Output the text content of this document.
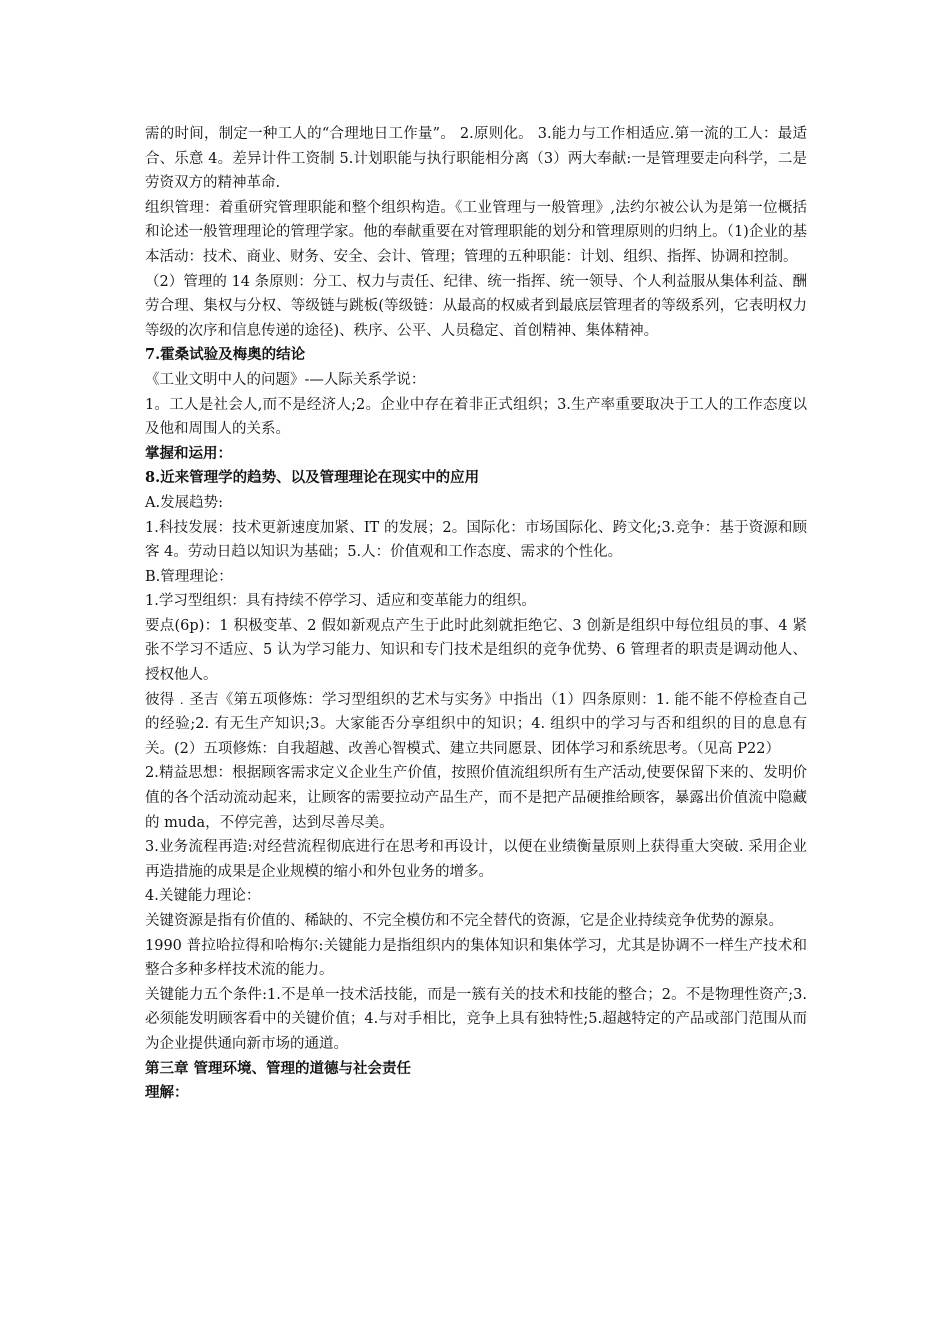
需的时间，制定一种工人的“合理地日工作量”。 2.原则化。 3.能力与工作相适应.第一流的工人：最适合、乐意 4。差异计件工资制 5.计划职能与执行职能相分离（3）两大奉献:一是管理要走向科学，二是劳资双方的精神革命.

组织管理：着重研究管理职能和整个组织构造。《工业管理与一般管理》,法约尔被公认为是第一位概括和论述一般管理理论的管理学家。他的奉献重要在对管理职能的划分和管理原则的归纳上。（1)企业的基本活动：技术、商业、财务、安全、会计、管理；管理的五种职能：计划、组织、指挥、协调和控制。

（2）管理的 14 条原则：分工、权力与责任、纪律、统一指挥、统一领导、个人利益服从集体利益、酬劳合理、集权与分权、等级链与跳板(等级链：从最高的权威者到最底层管理者的等级系列，它表明权力等级的次序和信息传递的途径)、秩序、公平、人员稳定、首创精神、集体精神。

7.霍桑试验及梅奥的结论

《工业文明中人的问题》-—人际关系学说：

1。工人是社会人,而不是经济人;2。企业中存在着非正式组织；3.生产率重要取决于工人的工作态度以及他和周围人的关系。

掌握和运用：

8.近来管理学的趋势、以及管理理论在现实中的应用

A.发展趋势:

1.科技发展：技术更新速度加紧、IT 的发展；2。国际化：市场国际化、跨文化;3.竞争：基于资源和顾客 4。劳动日趋以知识为基础；5.人：价值观和工作态度、需求的个性化。

B.管理理论：

1.学习型组织：具有持续不停学习、适应和变革能力的组织。

要点(6p)：1 积极变革、2 假如新观点产生于此时此刻就拒绝它、3 创新是组织中每位组员的事、4 紧张不学习不适应、5 认为学习能力、知识和专门技术是组织的竞争优势、6 管理者的职责是调动他人、授权他人。

彼得﹒圣吉《第五项修炼：学习型组织的艺术与实务》中指出（1）四条原则：1. 能不能不停检查自己的经验;2. 有无生产知识;3。大家能否分享组织中的知识；4. 组织中的学习与否和组织的目的息息有关。(2）五项修炼：自我超越、改善心智模式、建立共同愿景、团体学习和系统思考。（见高 P22）

2.精益思想：根据顾客需求定义企业生产价值，按照价值流组织所有生产活动,使要保留下来的、发明价值的各个活动流动起来，让顾客的需要拉动产品生产，而不是把产品硬推给顾客，暴露出价值流中隐藏的 muda，不停完善，达到尽善尽美。

3.业务流程再造:对经营流程彻底进行在思考和再设计，以便在业绩衡量原则上获得重大突破. 采用企业再造措施的成果是企业规模的缩小和外包业务的增多。

4.关键能力理论：

关键资源是指有价值的、稀缺的、不完全模仿和不完全替代的资源，它是企业持续竞争优势的源泉。

1990 普拉哈拉得和哈梅尔:关键能力是指组织内的集体知识和集体学习，尤其是协调不一样生产技术和整合多种多样技术流的能力。

关键能力五个条件:1.不是单一技术活技能，而是一簇有关的技术和技能的整合；2。不是物理性资产;3.必须能发明顾客看中的关键价值；4.与对手相比，竞争上具有独特性;5.超越特定的产品或部门范围从而为企业提供通向新市场的通道。

第三章 管理环境、管理的道德与社会责任

理解：
